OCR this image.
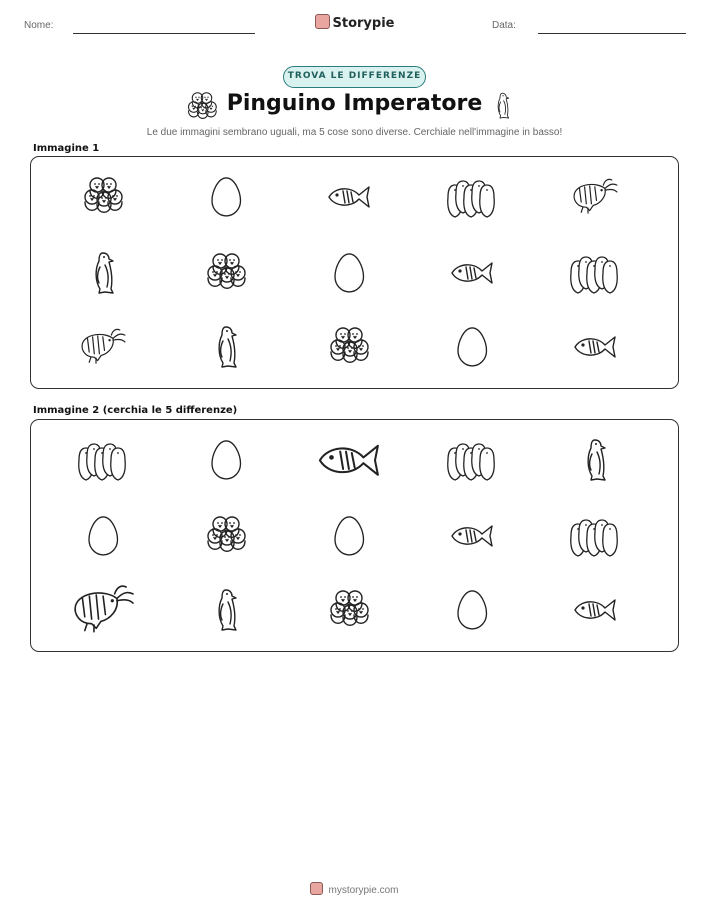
Nome:	Storypie	Data:
TROVA LE DIFFERENZE
Pinguino Imperatore
Le due immagini sembrano uguali, ma 5 cose sono diverse. Cerchiale nell'immagine in basso!
Immagine 1
Immagine 2 (cerchia le 5 differenze)
mystorypie.com
